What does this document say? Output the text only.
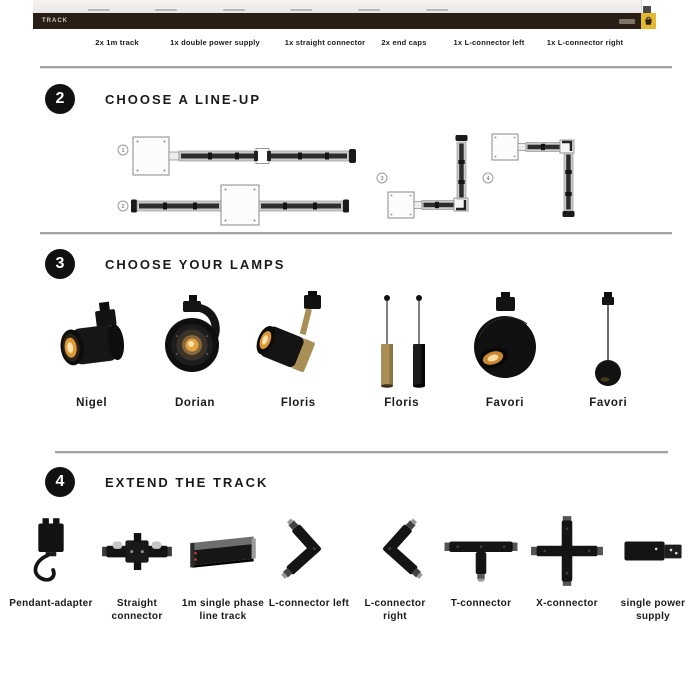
TRACK
2x 1m track	1x double power supply	1x straight connector 2x end caps	1x L-connector left	1x L-connector right
2	CHOOSE A LINE-UP
1
2
3	4
3	CHOOSE YOUR LAMPS
Nigel	Dorian	Floris	Floris	Favori	Favori
4	EXTEND THE TRACK
Pendant-adapter	Straight connector
1m single phase line track
L-connector left	L-connector right
T-connector X-connector	single power supply
